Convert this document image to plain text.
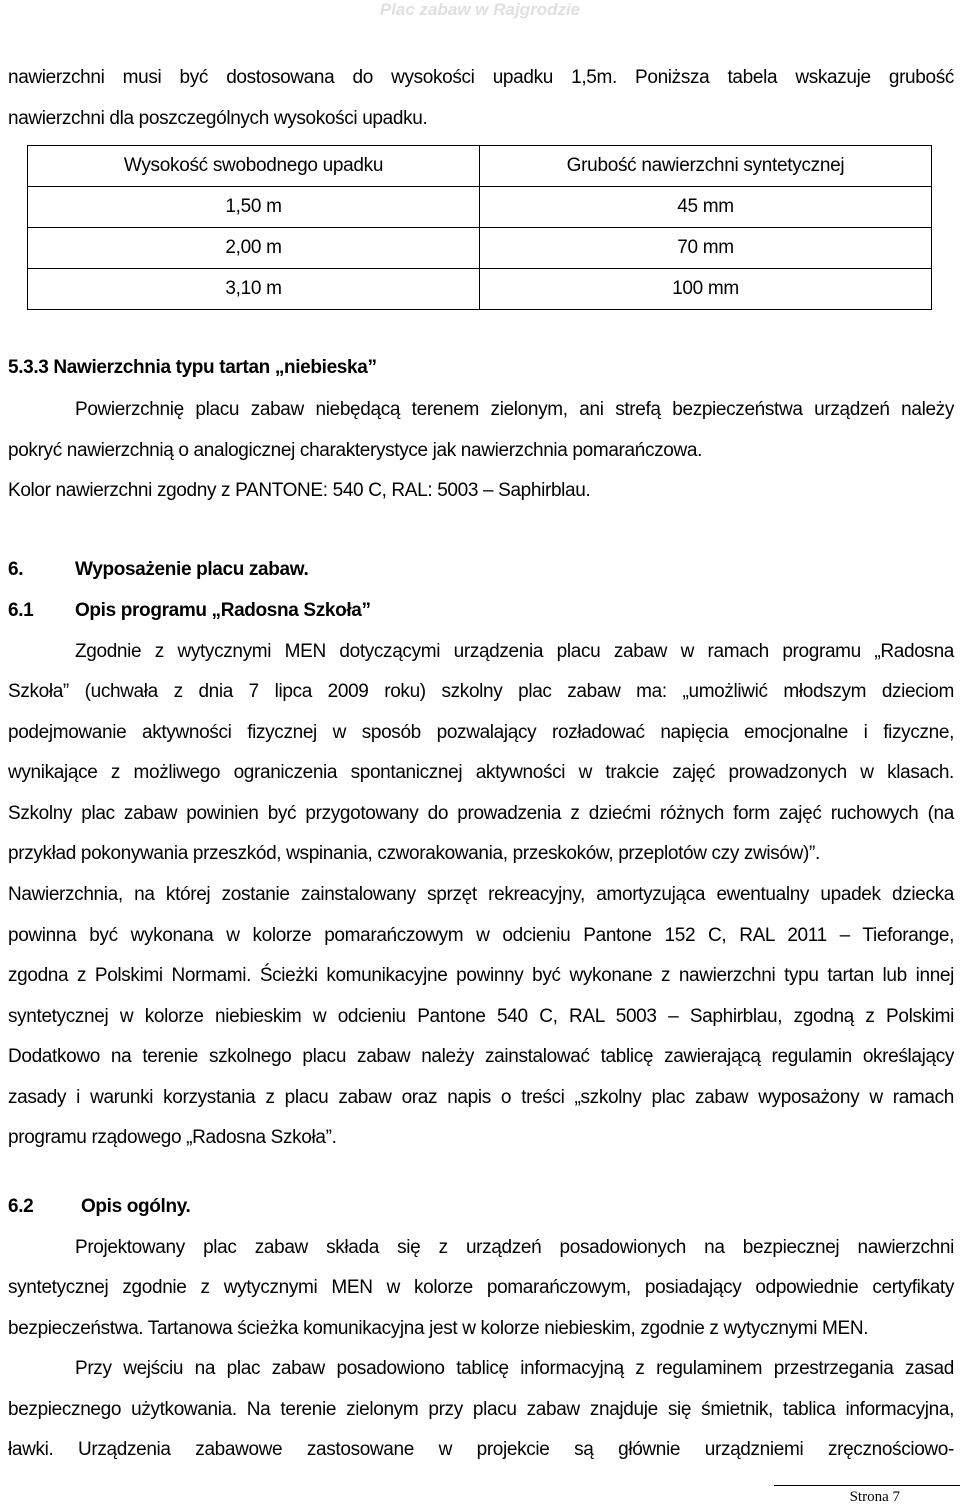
Plac zabaw w Rajgrodzie
nawierzchni musi być dostosowana do wysokości upadku 1,5m. Poniższa tabela wskazuje grubość
nawierzchni dla poszczególnych wysokości upadku.
Wysokość swobodnego upadku	Grubość nawierzchni syntetycznej
1,50 m	45 mm
2,00 m	70 mm
3,10 m	100 mm
5.3.3 Nawierzchnia typu tartan „niebieska”
Powierzchnię placu zabaw niebędącą terenem zielonym, ani strefą bezpieczeństwa urządzeń należy
pokryć nawierzchnią o analogicznej charakterystyce jak nawierzchnia pomarańczowa.
Kolor nawierzchni zgodny z PANTONE: 540 C, RAL: 5003 – Saphirblau.
6.	Wyposażenie placu zabaw.
6.1 Opis programu „Radosna Szkoła”
Zgodnie z wytycznymi MEN dotyczącymi urządzenia placu zabaw w ramach programu „Radosna
Szkoła” (uchwała z dnia 7 lipca 2009 roku) szkolny plac zabaw ma: „umożliwić młodszym dzieciom
podejmowanie aktywności fizycznej w sposób pozwalający rozładować napięcia emocjonalne i fizyczne,
wynikające z możliwego ograniczenia spontanicznej aktywności w trakcie zajęć prowadzonych w klasach.
Szkolny plac zabaw powinien być przygotowany do prowadzenia z dziećmi różnych form zajęć ruchowych (na
przykład pokonywania przeszkód, wspinania, czworakowania, przeskoków, przeplotów czy zwisów)”.
Nawierzchnia, na której zostanie zainstalowany sprzęt rekreacyjny, amortyzująca ewentualny upadek dziecka
powinna być wykonana w kolorze pomarańczowym w odcieniu Pantone 152 C, RAL 2011 – Tieforange,
zgodna z Polskimi Normami. Ścieżki komunikacyjne powinny być wykonane z nawierzchni typu tartan lub innej
syntetycznej w kolorze niebieskim w odcieniu Pantone 540 C, RAL 5003 – Saphirblau, zgodną z Polskimi
Dodatkowo na terenie szkolnego placu zabaw należy zainstalować tablicę zawierającą regulamin określający
zasady i warunki korzystania z placu zabaw oraz napis o treści „szkolny plac zabaw wyposażony w ramach
programu rządowego „Radosna Szkoła”.
6.2	Opis ogólny.
Projektowany plac zabaw składa się z urządzeń posadowionych na bezpiecznej nawierzchni
syntetycznej zgodnie z wytycznymi MEN w kolorze pomarańczowym, posiadający odpowiednie certyfikaty
bezpieczeństwa. Tartanowa ścieżka komunikacyjna jest w kolorze niebieskim, zgodnie z wytycznymi MEN.
Przy wejściu na plac zabaw posadowiono tablicę informacyjną z regulaminem przestrzegania zasad
bezpiecznego użytkowania. Na terenie zielonym przy placu zabaw znajduje się śmietnik, tablica informacyjna,
ławki. Urządzenia zabawowe zastosowane w projekcie są głównie urządzniemi zręcznościowo-
Strona 7
